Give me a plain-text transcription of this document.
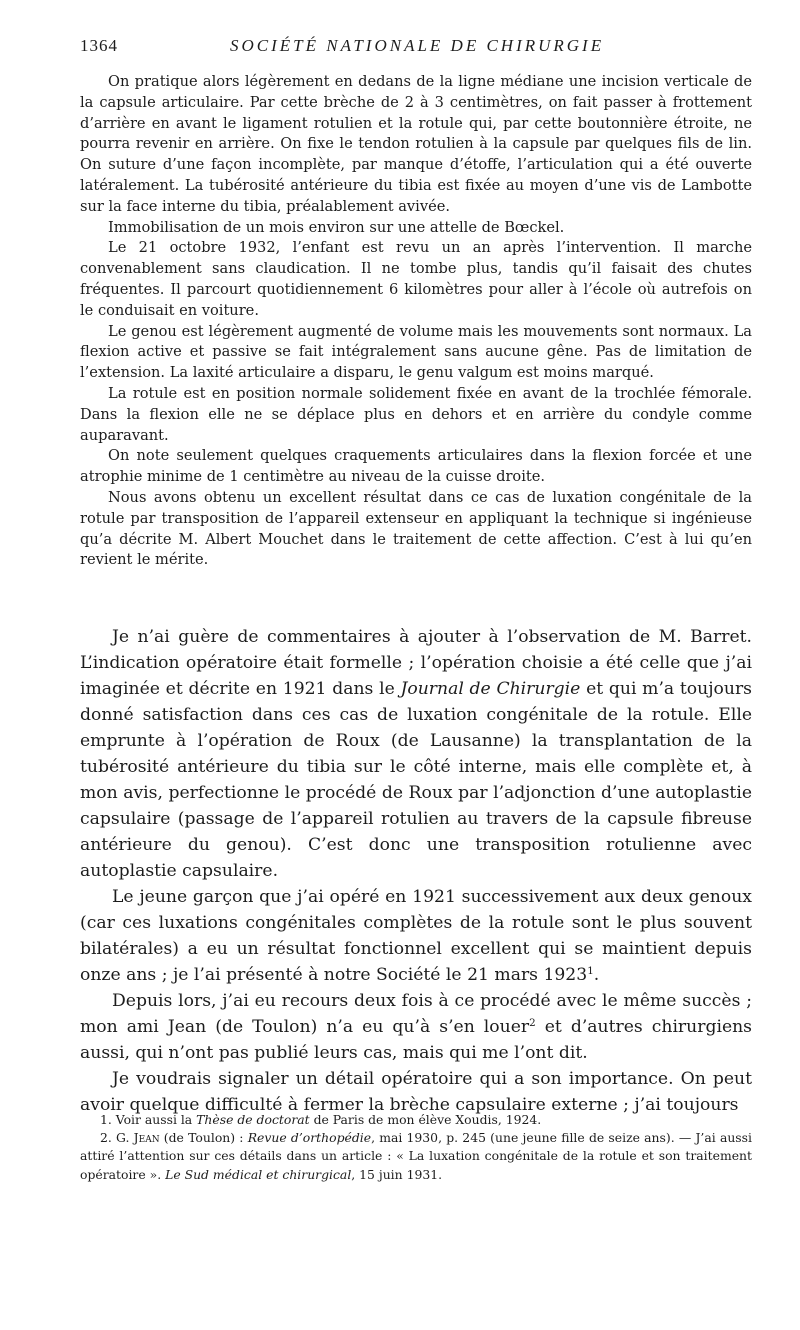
1364	SOCIÉTÉ NATIONALE DE CHIRURGIE

On pratique alors légèrement en dedans de la ligne médiane une incision verticale de la capsule articulaire. Par cette brèche de 2 à 3 centimètres, on fait passer à frottement d’arrière en avant le ligament rotulien et la rotule qui, par cette boutonnière étroite, ne pourra revenir en arrière. On fixe le tendon rotulien à la capsule par quelques fils de lin. On suture d’une façon incomplète, par manque d’étoffe, l’articulation qui a été ouverte latéralement. La tubérosité antérieure du tibia est fixée au moyen d’une vis de Lambotte sur la face interne du tibia, préalablement avivée.

Immobilisation de un mois environ sur une attelle de Bœckel.

Le 21 octobre 1932, l’enfant est revu un an après l’intervention. Il marche convenablement sans claudication. Il ne tombe plus, tandis qu’il faisait des chutes fréquentes. Il parcourt quotidiennement 6 kilomètres pour aller à l’école où autrefois on le conduisait en voiture.

Le genou est légèrement augmenté de volume mais les mouvements sont normaux. La flexion active et passive se fait intégralement sans aucune gêne. Pas de limitation de l’extension. La laxité articulaire a disparu, le genu valgum est moins marqué.

La rotule est en position normale solidement fixée en avant de la trochlée fémorale. Dans la flexion elle ne se déplace plus en dehors et en arrière du condyle comme auparavant.

On note seulement quelques craquements articulaires dans la flexion forcée et une atrophie minime de 1 centimètre au niveau de la cuisse droite.

Nous avons obtenu un excellent résultat dans ce cas de luxation congénitale de la rotule par transposition de l’appareil extenseur en appliquant la technique si ingénieuse qu’a décrite M. Albert Mouchet dans le traitement de cette affection. C’est à lui qu’en revient le mérite.

Je n’ai guère de commentaires à ajouter à l’observation de M. Barret. L’indication opératoire était formelle ; l’opération choisie a été celle que j’ai imaginée et décrite en 1921 dans le Journal de Chirurgie et qui m’a toujours donné satisfaction dans ces cas de luxation congénitale de la rotule. Elle emprunte à l’opération de Roux (de Lausanne) la transplantation de la tubérosité antérieure du tibia sur le côté interne, mais elle complète et, à mon avis, perfectionne le procédé de Roux par l’adjonction d’une autoplastie capsulaire (passage de l’appareil rotulien au travers de la capsule fibreuse antérieure du genou). C’est donc une transposition rotulienne avec autoplastie capsulaire.

Le jeune garçon que j’ai opéré en 1921 successivement aux deux genoux (car ces luxations congénitales complètes de la rotule sont le plus souvent bilatérales) a eu un résultat fonctionnel excellent qui se maintient depuis onze ans ; je l’ai présenté à notre Société le 21 mars 1923$^1$.

Depuis lors, j’ai eu recours deux fois à ce procédé avec le même succès ; mon ami Jean (de Toulon) n’a eu qu’à s’en louer$^2$ et d’autres chirurgiens aussi, qui n’ont pas publié leurs cas, mais qui me l’ont dit.

Je voudrais signaler un détail opératoire qui a son importance. On peut avoir quelque difficulté à fermer la brèche capsulaire externe ; j’ai toujours

1. Voir aussi la Thèse de doctorat de Paris de mon élève Xoudis, 1924.

2. G. Jean (de Toulon) : Revue d’orthopédie, mai 1930, p. 245 (une jeune fille de seize ans). — J’ai aussi attiré l’attention sur ces détails dans un article : « La luxation congénitale de la rotule et son traitement opératoire ». Le Sud médical et chirurgical, 15 juin 1931.
